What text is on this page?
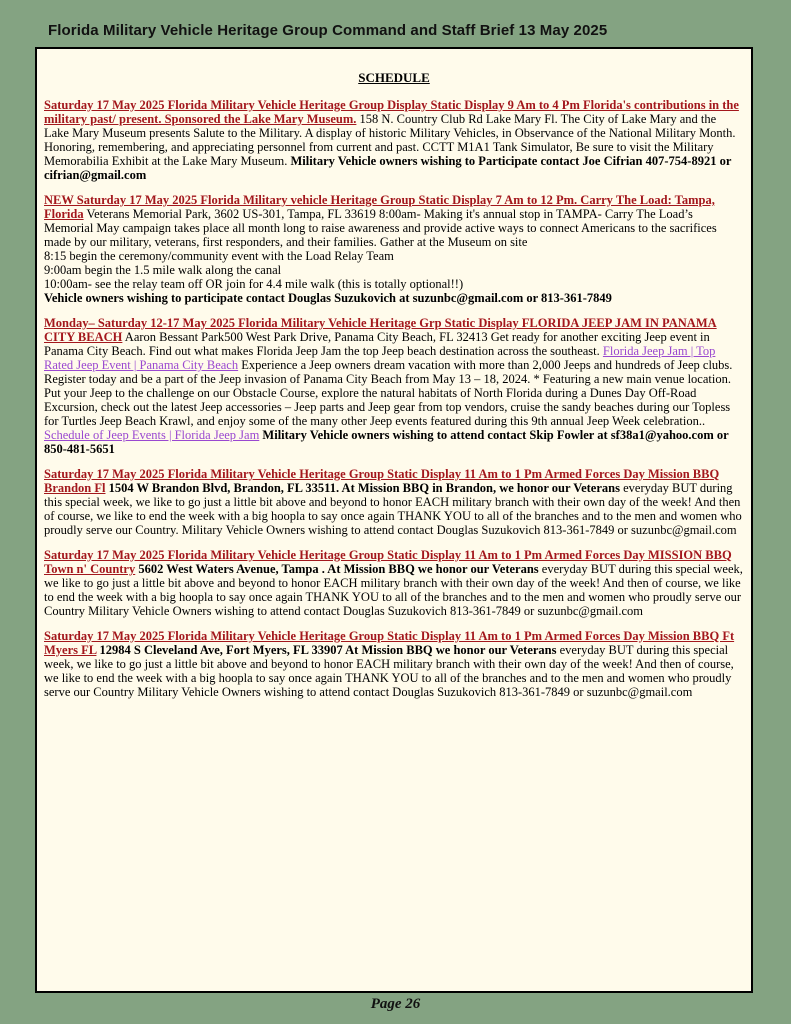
Florida Military Vehicle Heritage Group Command and Staff Brief 13 May 2025
SCHEDULE

Saturday 17 May 2025 Florida Military Vehicle Heritage Group Display Static Display 9 Am to 4 Pm Florida's contributions in the military past/ present. Sponsored the Lake Mary Museum. 158 N. Country Club Rd Lake Mary Fl. The City of Lake Mary and the Lake Mary Museum presents Salute to the Military. A display of historic Military Vehicles, in Observance of the National Military Month. Honoring, remembering, and appreciating personnel from current and past. CCTT M1A1 Tank Simulator, Be sure to visit the Military Memorabilia Exhibit at the Lake Mary Museum. Military Vehicle owners wishing to Participate contact Joe Cifrian 407-754-8921 or cifrian@gmail.com

NEW Saturday 17 May 2025 Florida Military vehicle Heritage Group Static Display 7 Am to 12 Pm. Carry The Load: Tampa, Florida Veterans Memorial Park, 3602 US-301, Tampa, FL 33619 8:00am- Making it's annual stop in TAMPA- Carry The Load’s Memorial May campaign takes place all month long to raise awareness and provide active ways to connect Americans to the sacrifices made by our military, veterans, first responders, and their families. Gather at the Museum on site

8:15 begin the ceremony/community event with the Load Relay Team
9:00am begin the 1.5 mile walk along the canal
10:00am- see the relay team off OR join for 4.4 mile walk (this is totally optional!!)

Vehicle owners wishing to participate contact Douglas Suzukovich at suzunbc@gmail.com or 813-361-7849

Monday– Saturday 12-17 May 2025 Florida Military Vehicle Heritage Grp Static Display FLORIDA JEEP JAM IN PANAMA CITY BEACH Aaron Bessant Park500 West Park Drive, Panama City Beach, FL 32413 Get ready for another exciting Jeep event in Panama City Beach. Find out what makes Florida Jeep Jam the top Jeep beach destination across the southeast. Florida Jeep Jam | Top Rated Jeep Event | Panama City Beach Experience a Jeep owners dream vacation with more than 2,000 Jeeps and hundreds of Jeep clubs. Register today and be a part of the Jeep invasion of Panama City Beach from May 13 – 18, 2024. * Featuring a new main venue location. Put your Jeep to the challenge on our Obstacle Course, explore the natural habitats of North Florida during a Dunes Day Off-Road Excursion, check out the latest Jeep accessories – Jeep parts and Jeep gear from top vendors, cruise the sandy beaches during our Topless for Turtles Jeep Beach Krawl, and enjoy some of the many other Jeep events featured during this 9th annual Jeep Week celebration.. Schedule of Jeep Events | Florida Jeep Jam Military Vehicle owners wishing to attend contact Skip Fowler at sf38a1@yahoo.com or 850-481-5651

Saturday 17 May 2025 Florida Military Vehicle Heritage Group Static Display 11 Am to 1 Pm Armed Forces Day Mission BBQ Brandon Fl 1504 W Brandon Blvd, Brandon, FL 33511. At Mission BBQ in Brandon, we honor our Veterans everyday BUT during this special week, we like to go just a little bit above and beyond to honor EACH military branch with their own day of the week! And then of course, we like to end the week with a big hoopla to say once again THANK YOU to all of the branches and to the men and women who proudly serve our Country. Military Vehicle Owners wishing to attend contact Douglas Suzukovich 813-361-7849 or suzunbc@gmail.com

Saturday 17 May 2025 Florida Military Vehicle Heritage Group Static Display 11 Am to 1 Pm Armed Forces Day MISSION BBQ Town n' Country 5602 West Waters Avenue, Tampa . At Mission BBQ we honor our Veterans everyday BUT during this special week, we like to go just a little bit above and beyond to honor EACH military branch with their own day of the week! And then of course, we like to end the week with a big hoopla to say once again THANK YOU to all of the branches and to the men and women who proudly serve our Country Military Vehicle Owners wishing to attend contact Douglas Suzukovich 813-361-7849 or suzunbc@gmail.com

Saturday 17 May 2025 Florida Military Vehicle Heritage Group Static Display 11 Am to 1 Pm Armed Forces Day Mission BBQ Ft Myers FL 12984 S Cleveland Ave, Fort Myers, FL 33907 At Mission BBQ we honor our Veterans everyday BUT during this special week, we like to go just a little bit above and beyond to honor EACH military branch with their own day of the week! And then of course, we like to end the week with a big hoopla to say once again THANK YOU to all of the branches and to the men and women who proudly serve our Country Military Vehicle Owners wishing to attend contact Douglas Suzukovich 813-361-7849 or suzunbc@gmail.com

Page 26
